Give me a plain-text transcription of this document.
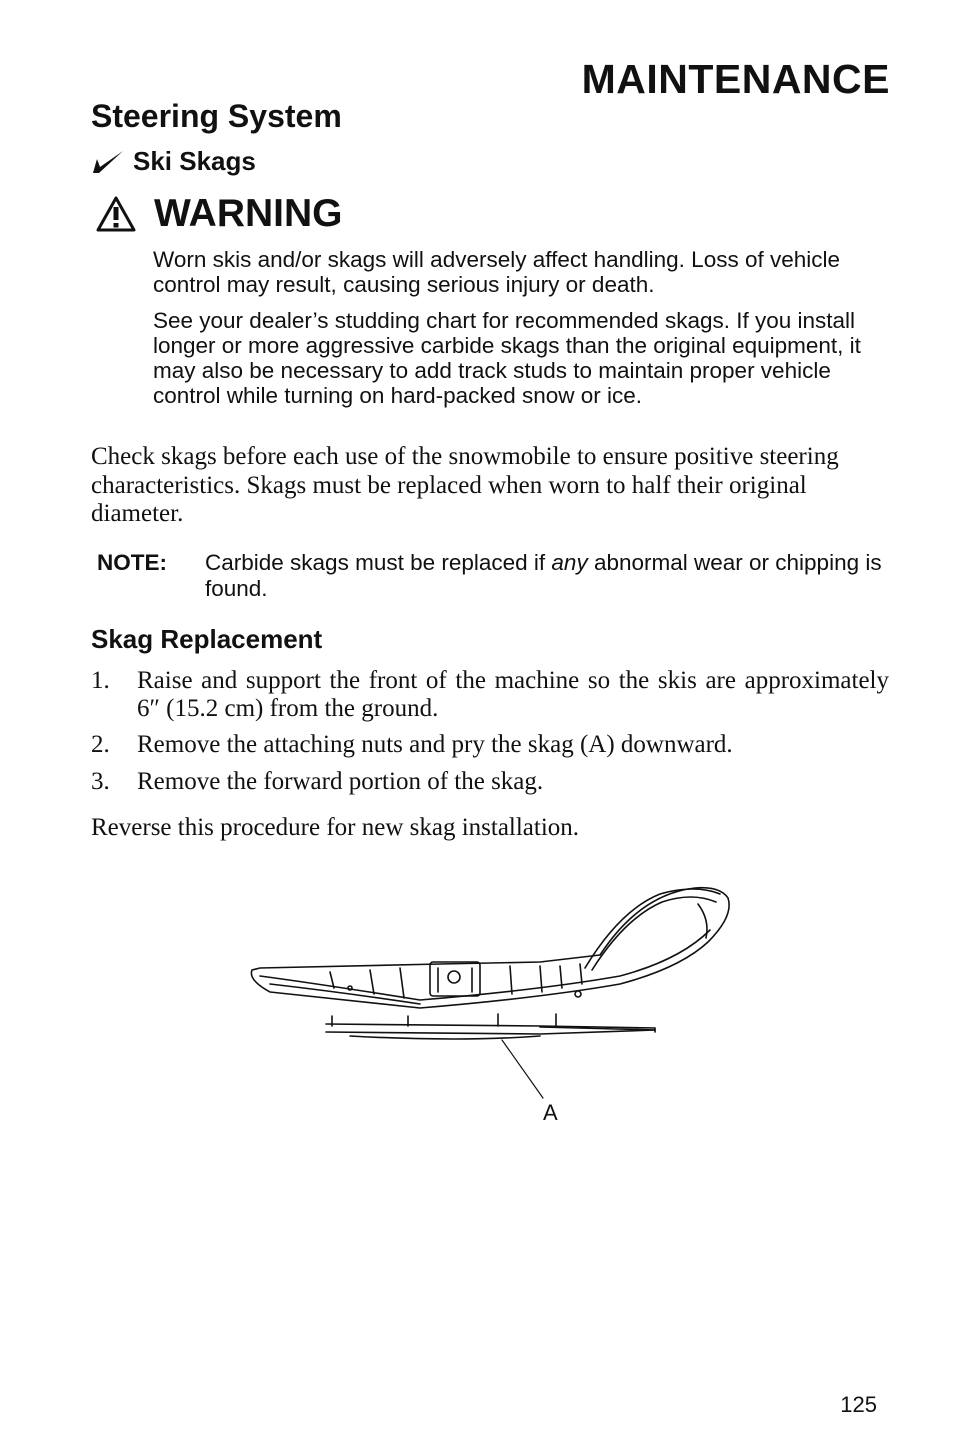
MAINTENANCE
Steering System
Ski Skags
WARNING

Worn skis and/or skags will adversely affect handling. Loss of vehicle control may result, causing serious injury or death.

See your dealer’s studding chart for recommended skags. If you install longer or more aggressive carbide skags than the original equipment, it may also be necessary to add track studs to maintain proper vehicle control while turning on hard-packed snow or ice.

Check skags before each use of the snowmobile to ensure positive steering characteristics. Skags must be replaced when worn to half their original diameter.

NOTE: Carbide skags must be replaced if any abnormal wear or chipping is found.
Skag Replacement
1. Raise and support the front of the machine so the skis are approximately 6″ (15.2 cm) from the ground.
2. Remove the attaching nuts and pry the skag (A) downward.
3. Remove the forward portion of the skag.

Reverse this procedure for new skag installation.

A
125
